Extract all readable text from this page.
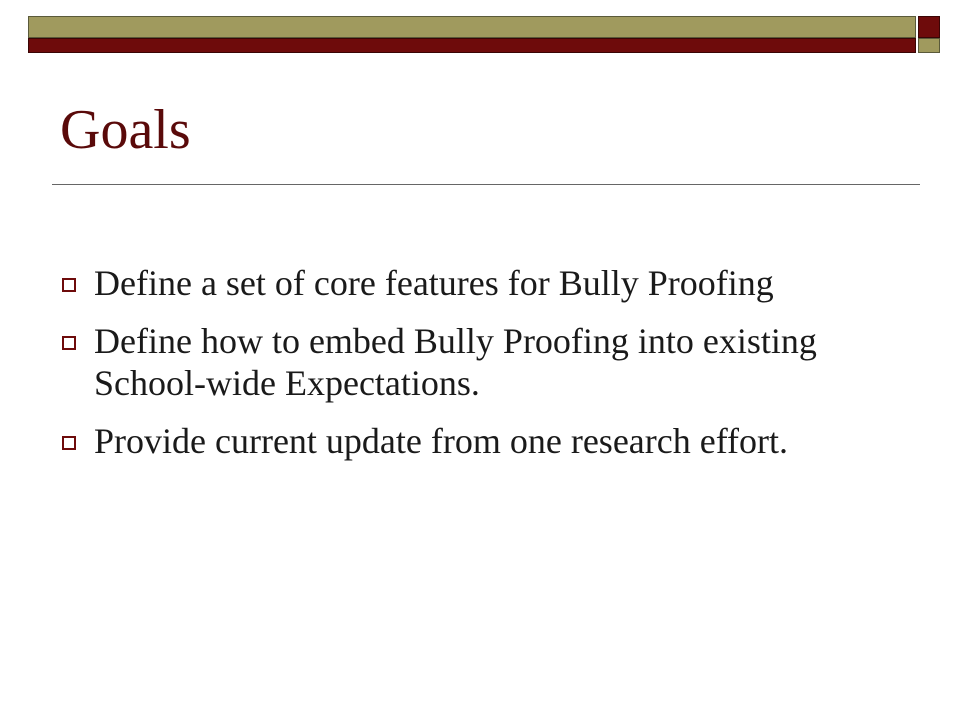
Goals
Define a set of core features for Bully Proofing
Define how to embed Bully Proofing into existing School-wide Expectations.
Provide current update from one research effort.
